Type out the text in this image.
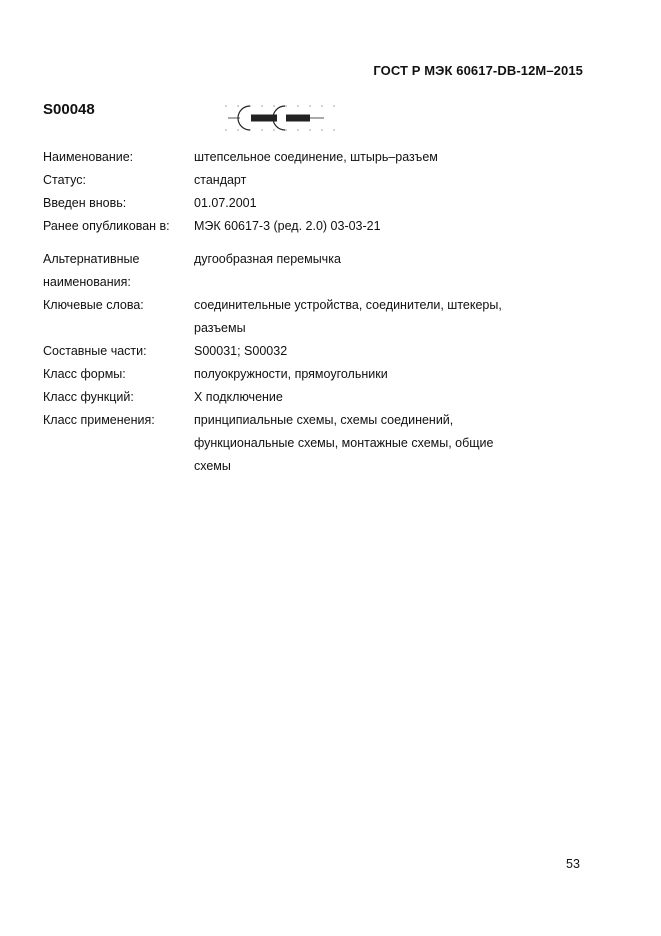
ГОСТ Р МЭК 60617-DB-12M–2015
S00048
Наименование:	штепсельное соединение, штырь–разъем
Статус:	стандарт
Введен вновь:	01.07.2001
Ранее опубликован в:	МЭК 60617-3 (ред. 2.0) 03-03-21
Альтернативные
наименования:
дугообразная перемычка
Ключевые слова:	соединительные устройства, соединители, штекеры,
разъемы
Составные части:	S00031; S00032
Класс формы:	полуокружности, прямоугольники
Класс функций:	X подключение
Класс применения:	принципиальные схемы, схемы соединений,
функциональные схемы, монтажные схемы, общие
схемы
53
